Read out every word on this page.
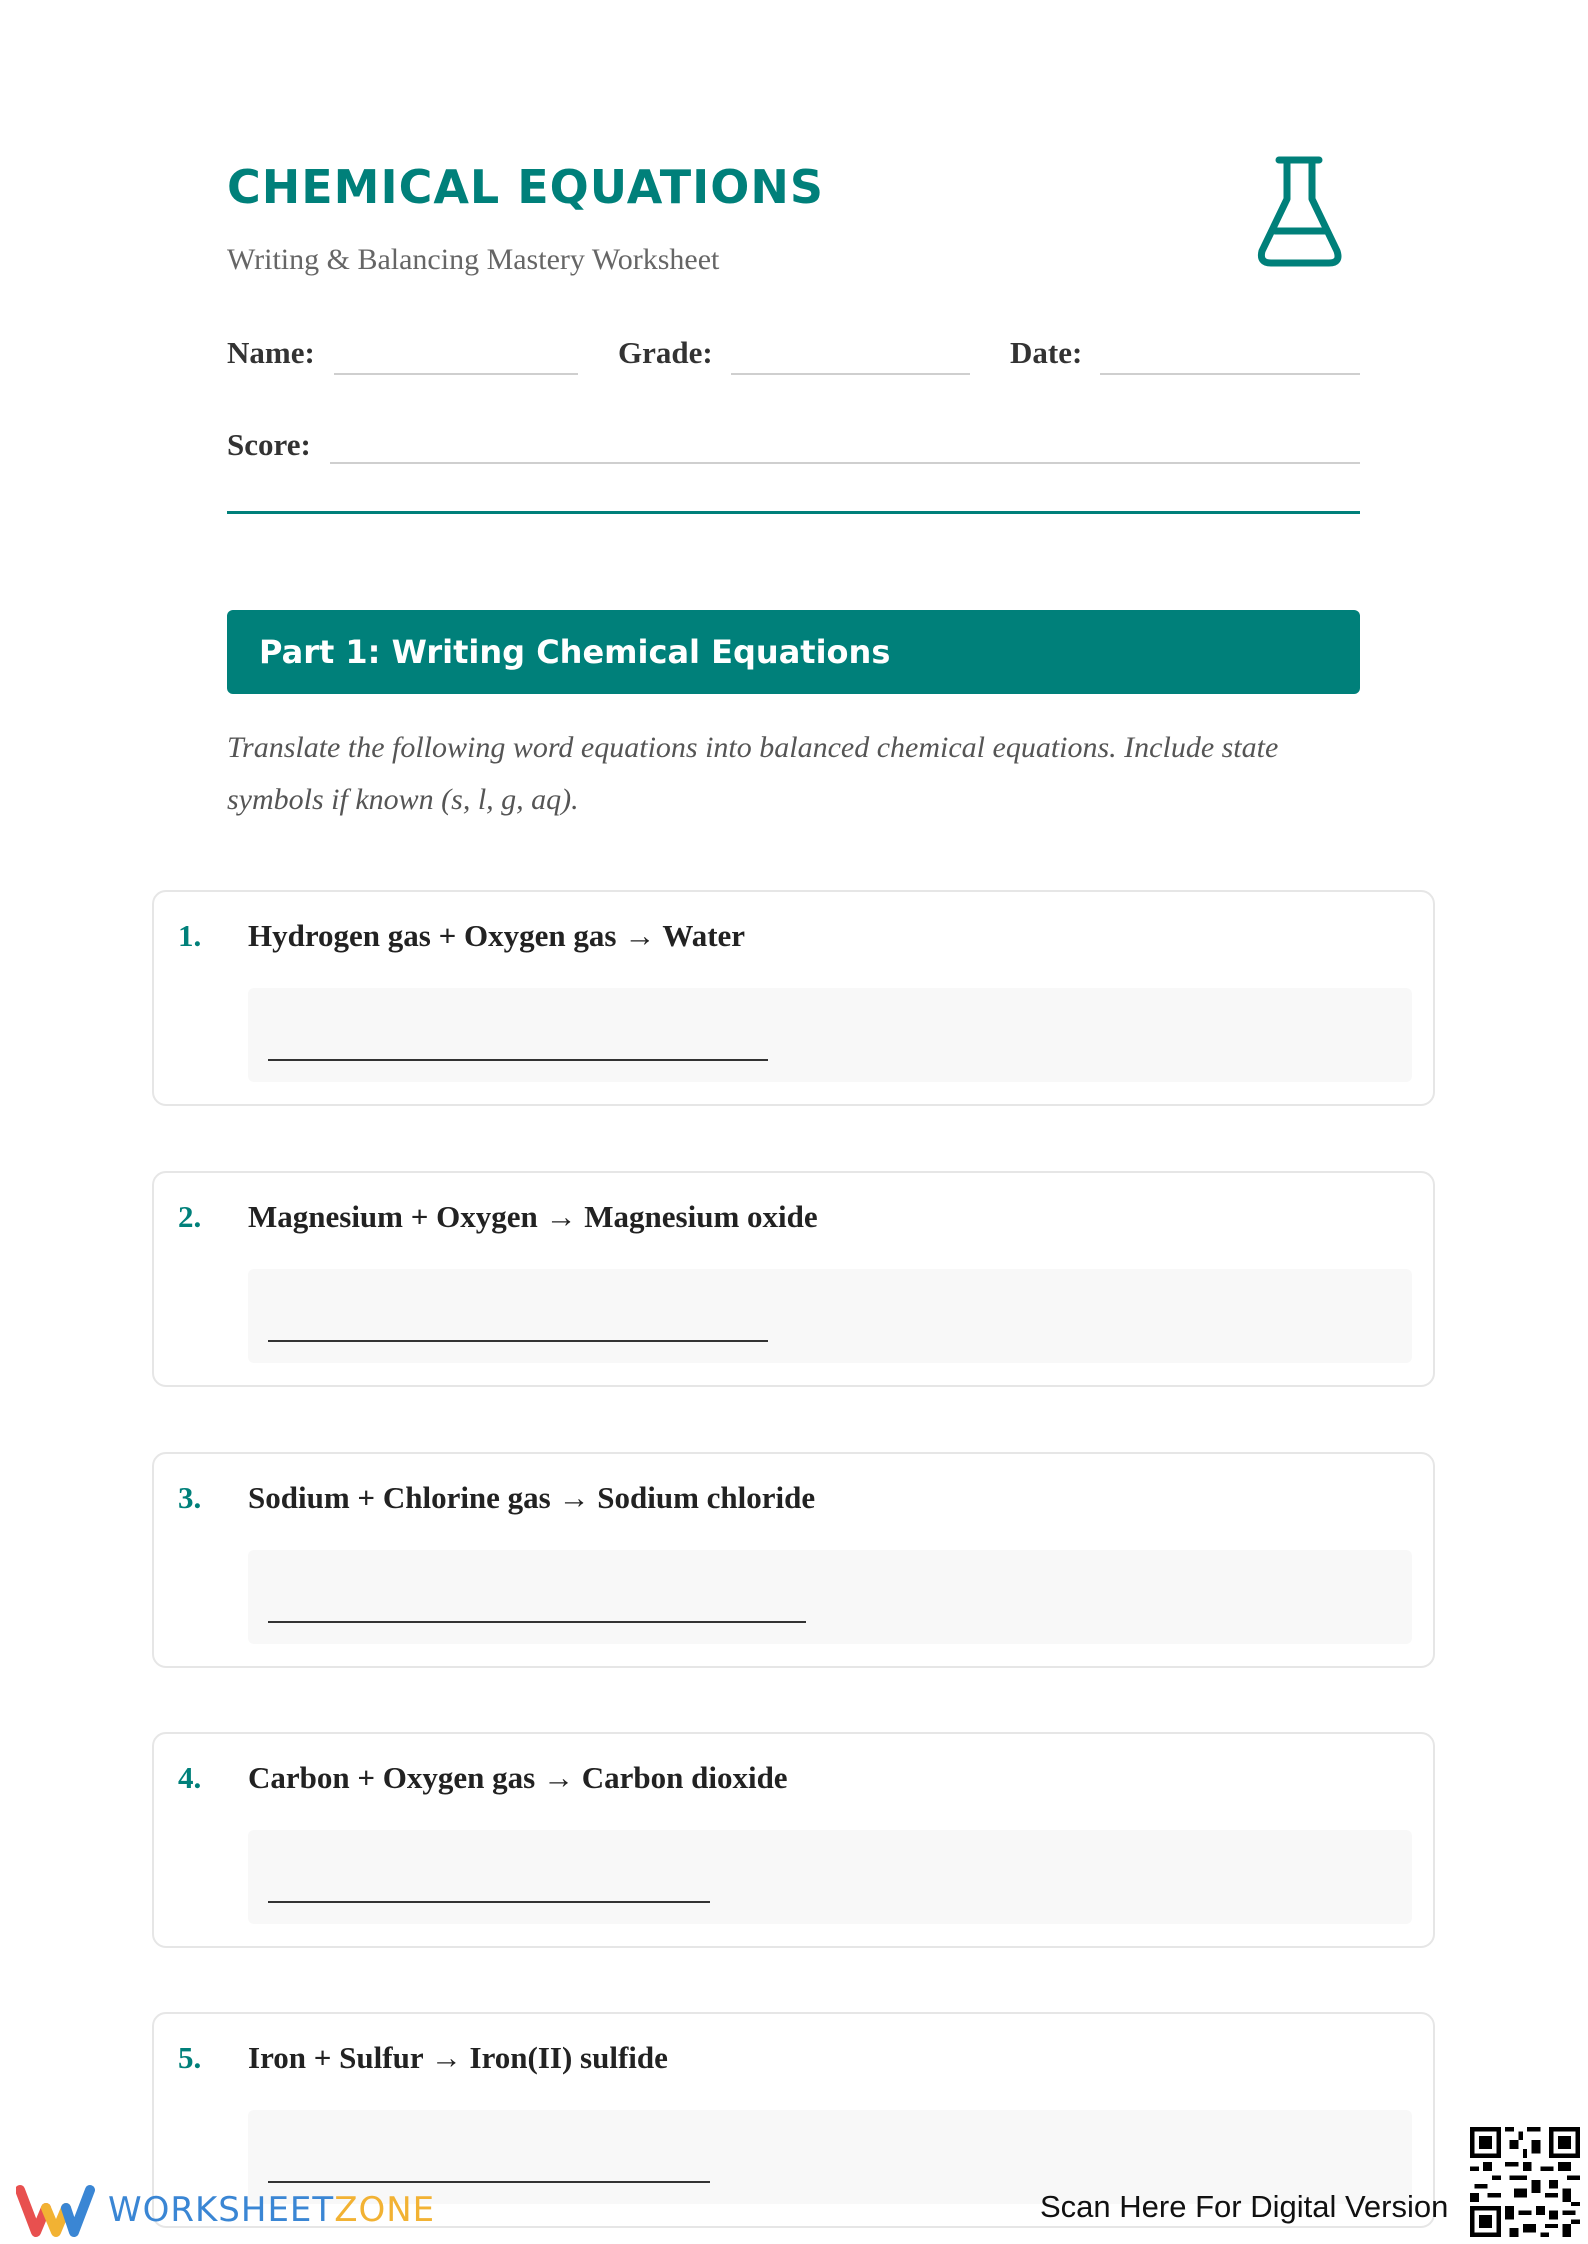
CHEMICAL EQUATIONS
Writing & Balancing Mastery Worksheet
Name:	Grade:	Date:
Score:
Part 1: Writing Chemical Equations
Translate the following word equations into balanced chemical equations. Include state symbols if known (s, l, g, aq).
1. Hydrogen gas + Oxygen gas → Water
2. Magnesium + Oxygen → Magnesium oxide
3. Sodium + Chlorine gas → Sodium chloride
4. Carbon + Oxygen gas → Carbon dioxide
5. Iron + Sulfur → Iron(II) sulfide
WORKSHEETZONE	Scan Here For Digital Version
